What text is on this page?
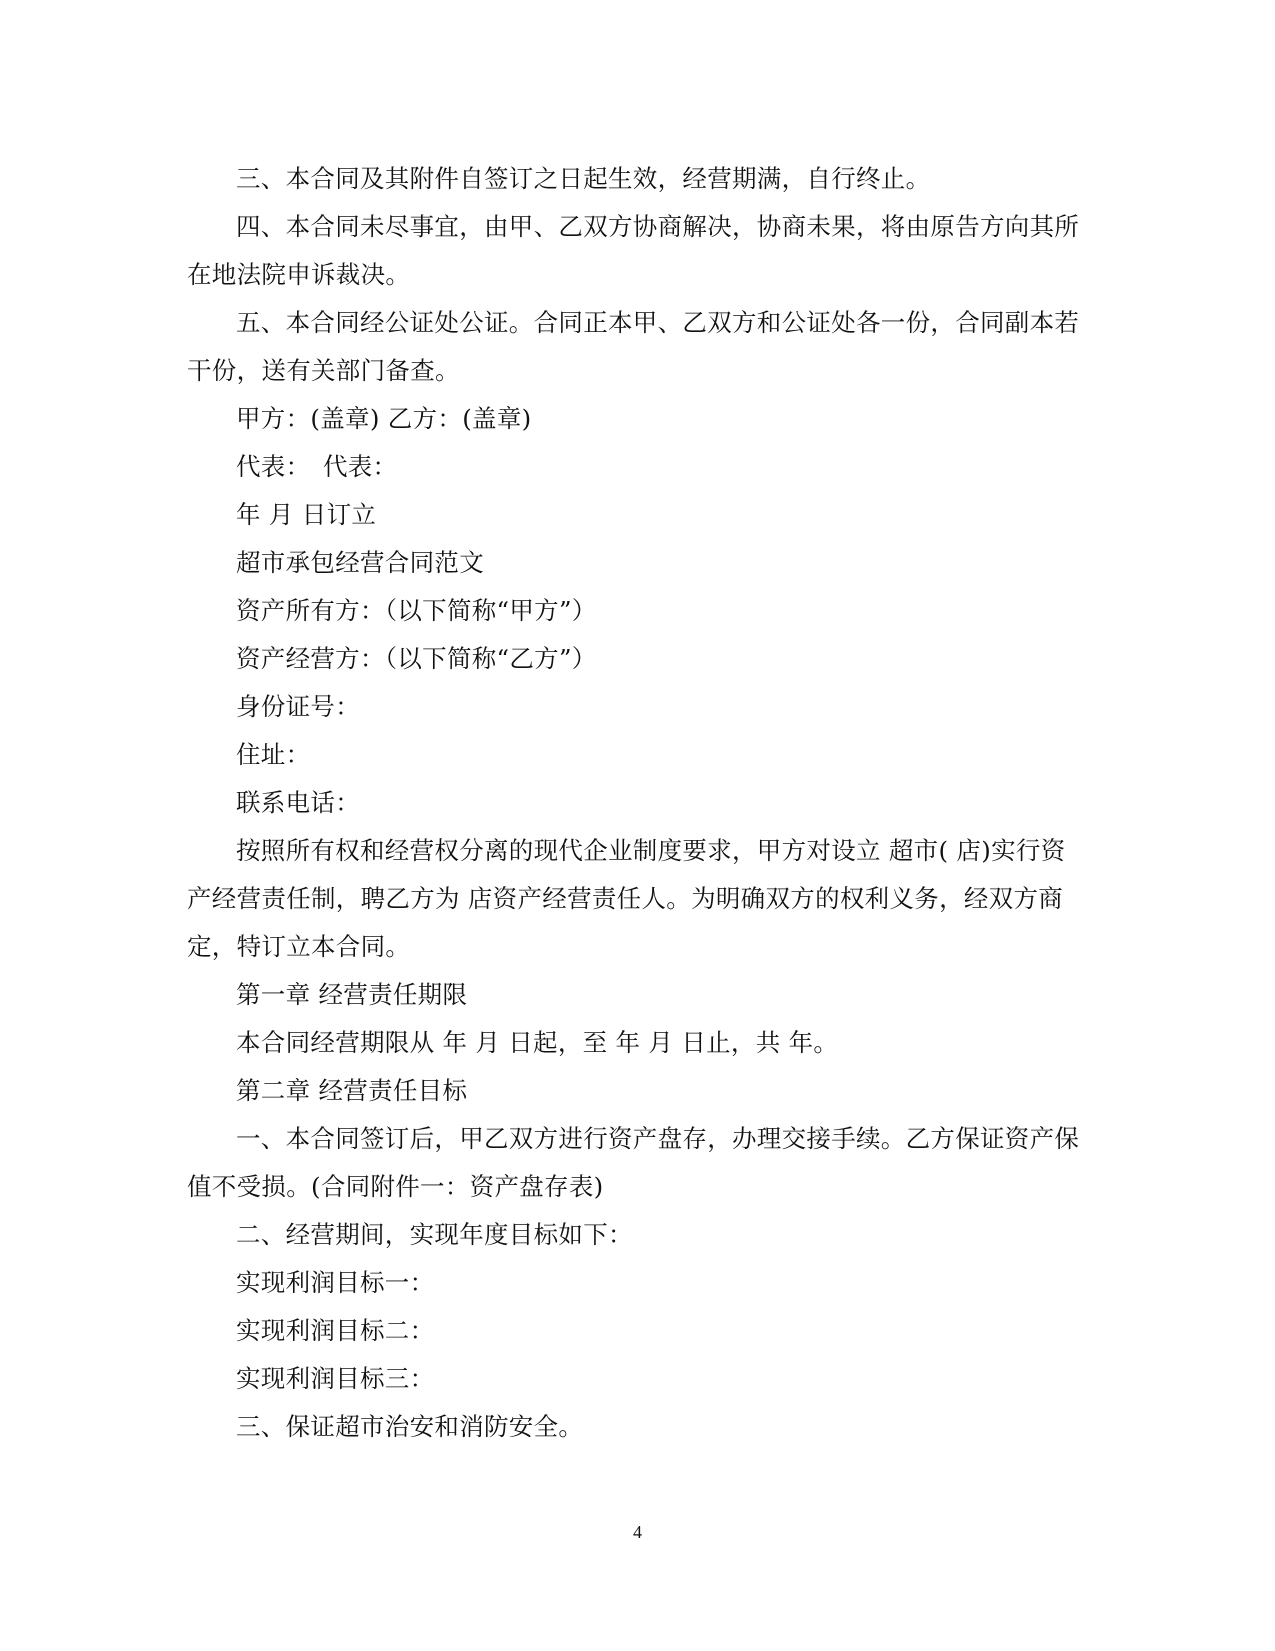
三、本合同及其附件自签订之日起生效，经营期满，自行终止。

四、本合同未尽事宜，由甲、乙双方协商解决，协商未果，将由原告方向其所在地法院申诉裁决。

五、本合同经公证处公证。合同正本甲、乙双方和公证处各一份，合同副本若干份，送有关部门备查。

甲方：(盖章) 乙方：(盖章)

代表：　代表：

年 月 日订立

超市承包经营合同范文

资产所有方：（以下简称“甲方”）

资产经营方：（以下简称“乙方”）

身份证号：

住址：

联系电话：

按照所有权和经营权分离的现代企业制度要求，甲方对设立 超市( 店)实行资产经营责任制，聘乙方为 店资产经营责任人。为明确双方的权利义务，经双方商定，特订立本合同。

第一章 经营责任期限

本合同经营期限从 年 月 日起，至 年 月 日止，共 年。

第二章 经营责任目标

一、本合同签订后，甲乙双方进行资产盘存，办理交接手续。乙方保证资产保值不受损。(合同附件一：资产盘存表)

二、经营期间，实现年度目标如下：

实现利润目标一：

实现利润目标二：

实现利润目标三：

三、保证超市治安和消防安全。

4
